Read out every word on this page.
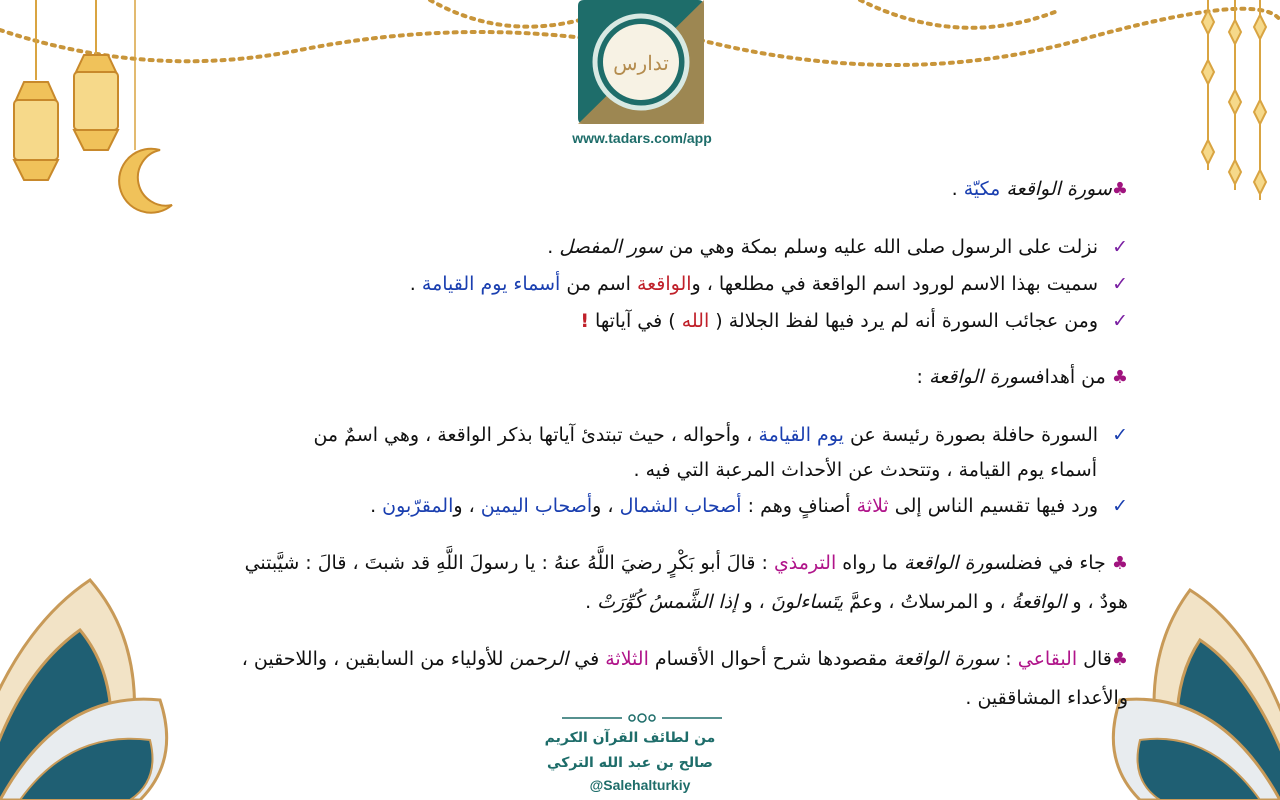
تدارس
www.tadars.com/app
♣سورة الواقعة مكيّة .
✓ نزلت على الرسول صلى الله عليه وسلم بمكة وهي من سور المفصل .
✓ سميت بهذا الاسم لورود اسم الواقعة في مطلعها ، والواقعة اسم من أسماء يوم القيامة .
✓ ومن عجائب السورة أنه لم يرد فيها لفظ الجلالة ( الله ) في آياتها !
♣ من أهدافسورة الواقعة :
✓ السورة حافلة بصورة رئيسة عن يوم القيامة ، وأحواله ، حيث تبتدئ آياتها بذكر الواقعة ، وهي اسمٌ من
أسماء يوم القيامة ، وتتحدث عن الأحداث المرعبة التي فيه .
✓ ورد فيها تقسيم الناس إلى ثلاثة أصنافٍ وهم : أصحاب الشمال ، وأصحاب اليمين ، والمقرّبون .
♣ جاء في فضلسورة الواقعة ما رواه الترمذي : قالَ أبو بَكْرٍ رضيَ اللَّهُ عنهُ : يا رسولَ اللَّهِ قد شبتَ ، قالَ : شيَّبتني
هودٌ ، و الواقعةُ ، و المرسلاتُ ، وعمَّ يتَساءلونَ ، و إذا الشَّمسُ كُوِّرَتْ .
♣قال البقاعي : سورة الواقعة مقصودها شرح أحوال الأقسام الثلاثة في الرحمن للأولياء من السابقين ، واللاحقين ،
والأعداء المشاققين .
من لطائف القرآن الكريم
صالح بن عبد الله التركي
@Salehalturkiy
